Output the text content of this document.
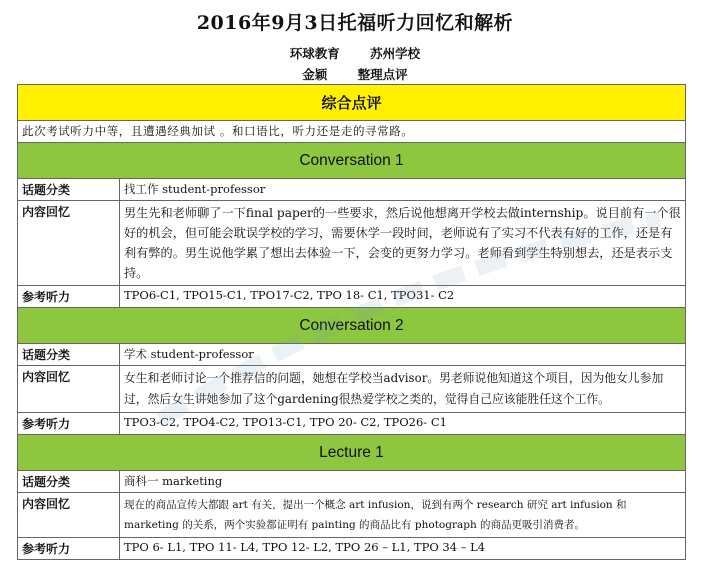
2016年9月3日托福听力回忆和解析
环球教育 苏州学校
金颖 整理点评
综合点评	
此次考试听力中等，且遭遇经典加试 。和口语比，听力还是走的寻常路。	
Conversation 1	
话题分类	找工作 student-professor
内容回忆	男生先和老师聊了一下final paper的一些要求，然后说他想离开学校去做internship。说目前有一个很好的机会，但可能会耽误学校的学习，需要休学一段时间，老师说有了实习不代表有好的工作，还是有利有弊的。男生说他学累了想出去体验一下，会变的更努力学习。老师看到学生特别想去，还是表示支持。
参考听力	TPO6-C1, TPO15-C1, TPO17-C2, TPO 18- C1, TPO31- C2
Conversation 2	
话题分类	学术 student-professor
内容回忆	女生和老师讨论一个推荐信的问题，她想在学校当advisor。男老师说他知道这个项目，因为他女儿参加过，然后女生讲她参加了这个gardening很热爱学校之类的，觉得自己应该能胜任这个工作。
参考听力	TPO3-C2, TPO4-C2, TPO13-C1, TPO 20- C2, TPO26- C1
Lecture 1	
话题分类	商科一 marketing
内容回忆	现在的商品宣传大都跟 art 有关，提出一个概念 art infusion，说到有两个 research 研究 art infusion 和 marketing 的关系，两个实验都证明有 painting 的商品比有 photograph 的商品更吸引消费者。
参考听力	TPO 6- L1, TPO 11- L4, TPO 12- L2, TPO 26 – L1, TPO 34 – L4
